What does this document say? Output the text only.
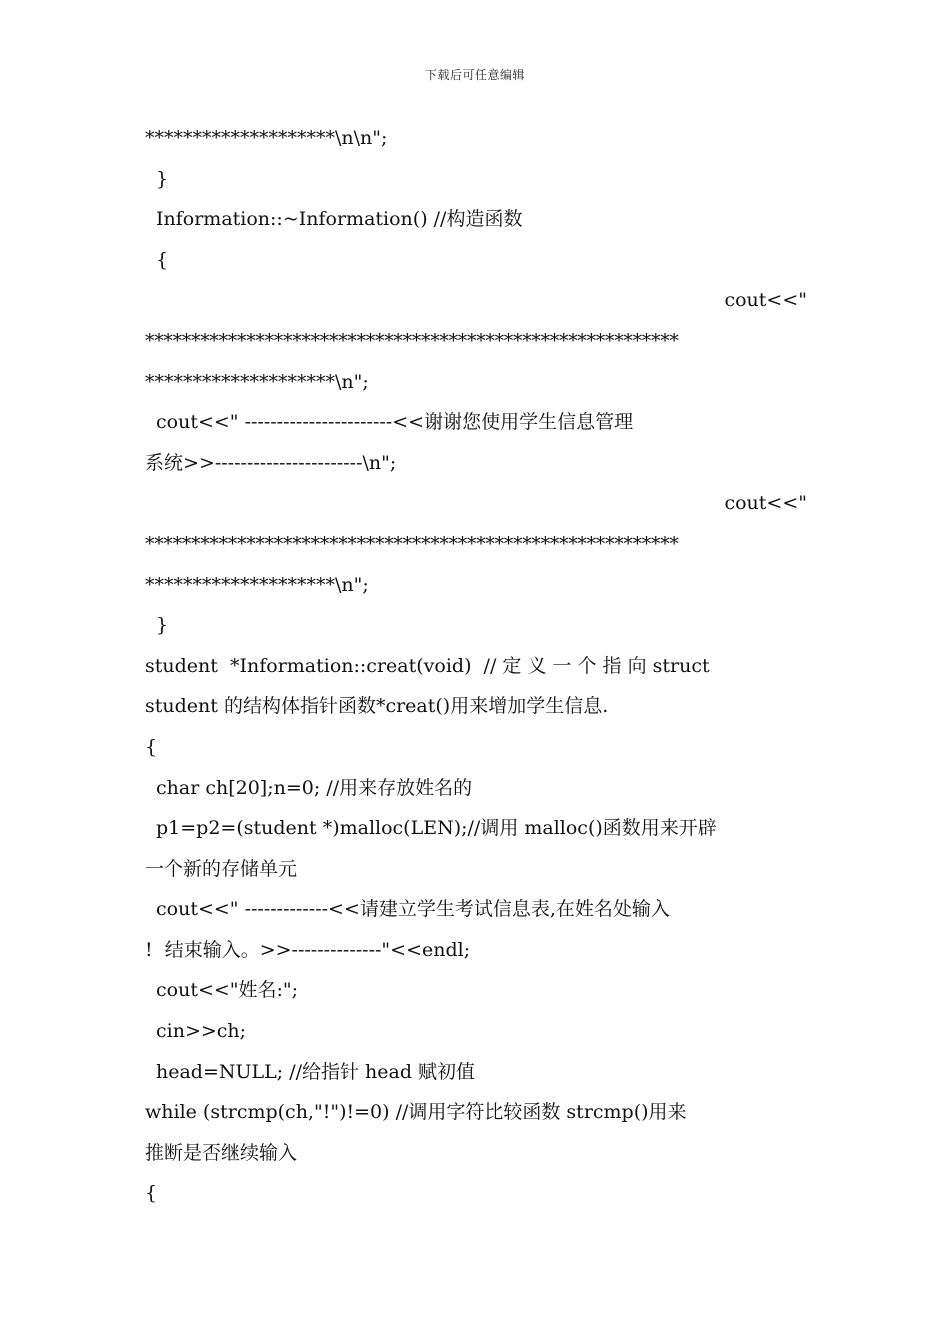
下载后可任意编辑
********************\n\n";
}
Information::~Information() //构造函数
{
cout<<"
**********************************************************
********************\n";
cout<<" -----------------------<<谢谢您使用学生信息管理
系统>>-----------------------\n";
cout<<"
**********************************************************
********************\n";
}
student  *Information::creat(void)  // 定 义 一 个 指 向 struct
student 的结构体指针函数*creat()用来增加学生信息.
{
char ch[20];n=0; //用来存放姓名的
p1=p2=(student *)malloc(LEN);//调用 malloc()函数用来开辟
一个新的存储单元
cout<<" -------------<<请建立学生考试信息表,在姓名处输入
!  结束输入。>>--------------"<<endl;
cout<<"姓名:";
cin>>ch;
head=NULL; //给指针 head 赋初值
while (strcmp(ch,"!")!=0) //调用字符比较函数 strcmp()用来
推断是否继续输入
{
